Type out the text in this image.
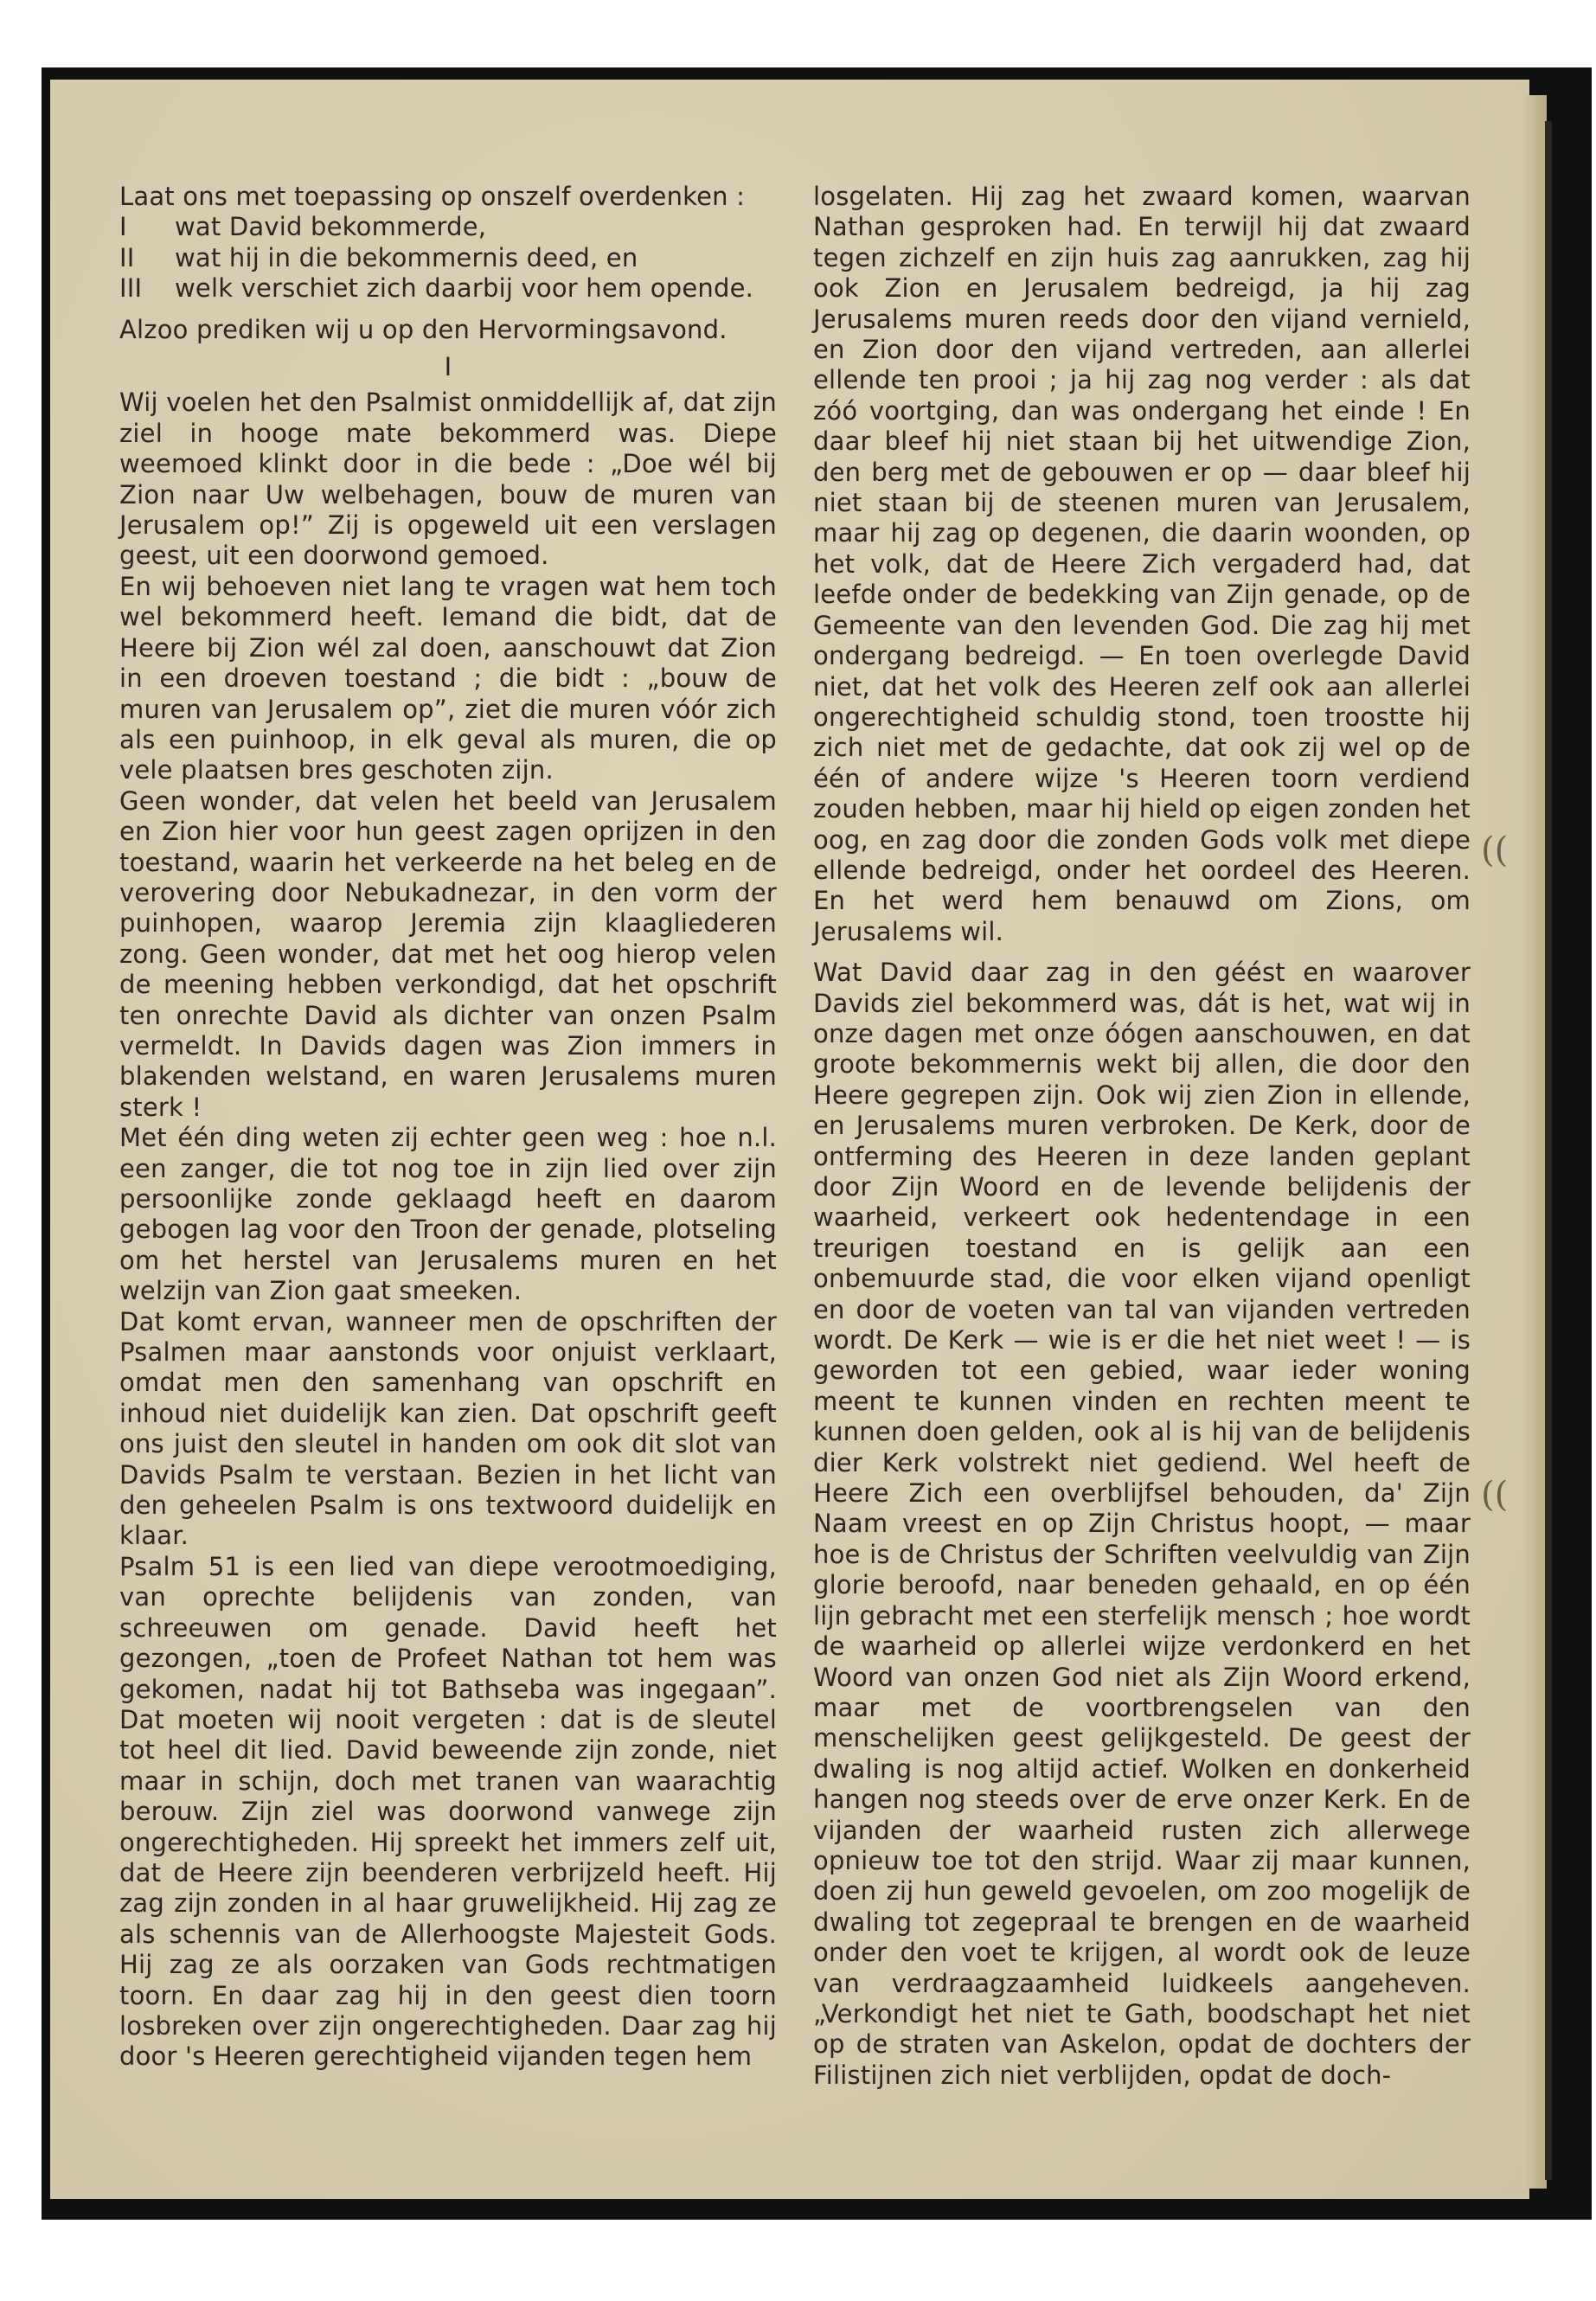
((
((

Laat ons met toepassing op onszelf overdenken :

I	wat David bekommerde,
II	wat hij in die bekommernis deed, en
III	welk verschiet zich daarbij voor hem opende.

Alzoo prediken wij u op den Hervormingsavond.

I

Wij voelen het den Psalmist onmiddellijk af, dat zijn ziel in hooge mate bekommerd was. Diepe weemoed klinkt door in die bede : „Doe wél bij Zion naar Uw welbehagen, bouw de muren van Jerusalem op!” Zij is opgeweld uit een verslagen geest, uit een doorwond gemoed.

En wij behoeven niet lang te vragen wat hem toch wel bekommerd heeft. Iemand die bidt, dat de Heere bij Zion wél zal doen, aanschouwt dat Zion in een droeven toestand ; die bidt : „bouw de muren van Jerusalem op”, ziet die muren vóór zich als een puinhoop, in elk geval als muren, die op vele plaatsen bres geschoten zijn.

Geen wonder, dat velen het beeld van Jerusalem en Zion hier voor hun geest zagen oprijzen in den toestand, waarin het verkeerde na het beleg en de verovering door Nebukadnezar, in den vorm der puinhopen, waarop Jeremia zijn klaagliederen zong. Geen wonder, dat met het oog hierop velen de meening hebben verkondigd, dat het opschrift ten onrechte David als dichter van onzen Psalm vermeldt. In Davids dagen was Zion immers in blakenden welstand, en waren Jerusalems muren sterk !

Met één ding weten zij echter geen weg : hoe n.l. een zanger, die tot nog toe in zijn lied over zijn persoonlijke zonde geklaagd heeft en daarom gebogen lag voor den Troon der genade, plotseling om het herstel van Jerusalems muren en het welzijn van Zion gaat smeeken.

Dat komt ervan, wanneer men de opschriften der Psalmen maar aanstonds voor onjuist verklaart, omdat men den samenhang van opschrift en inhoud niet duidelijk kan zien. Dat opschrift geeft ons juist den sleutel in handen om ook dit slot van Davids Psalm te verstaan. Bezien in het licht van den geheelen Psalm is ons textwoord duidelijk en klaar.

Psalm 51 is een lied van diepe verootmoediging, van oprechte belijdenis van zonden, van schreeuwen om genade. David heeft het gezongen, „toen de Profeet Nathan tot hem was gekomen, nadat hij tot Bathseba was ingegaan”. Dat moeten wij nooit vergeten : dat is de sleutel tot heel dit lied. David beweende zijn zonde, niet maar in schijn, doch met tranen van waarachtig berouw. Zijn ziel was doorwond vanwege zijn ongerechtigheden. Hij spreekt het immers zelf uit, dat de Heere zijn beenderen verbrijzeld heeft. Hij zag zijn zonden in al haar gruwelijkheid. Hij zag ze als schennis van de Allerhoogste Majesteit Gods. Hij zag ze als oorzaken van Gods rechtmatigen toorn. En daar zag hij in den geest dien toorn losbreken over zijn ongerechtigheden. Daar zag hij door 's Heeren gerechtigheid vijanden tegen hem

losgelaten. Hij zag het zwaard komen, waarvan Nathan gesproken had. En terwijl hij dat zwaard tegen zichzelf en zijn huis zag aanrukken, zag hij ook Zion en Jerusalem bedreigd, ja hij zag Jerusalems muren reeds door den vijand vernield, en Zion door den vijand vertreden, aan allerlei ellende ten prooi ; ja hij zag nog verder : als dat zóó voortging, dan was ondergang het einde ! En daar bleef hij niet staan bij het uitwendige Zion, den berg met de gebouwen er op — daar bleef hij niet staan bij de steenen muren van Jerusalem, maar hij zag op degenen, die daarin woonden, op het volk, dat de Heere Zich vergaderd had, dat leefde onder de bedekking van Zijn genade, op de Gemeente van den levenden God. Die zag hij met ondergang bedreigd. — En toen overlegde David niet, dat het volk des Heeren zelf ook aan allerlei ongerechtigheid schuldig stond, toen troostte hij zich niet met de gedachte, dat ook zij wel op de één of andere wijze 's Heeren toorn verdiend zouden hebben, maar hij hield op eigen zonden het oog, en zag door die zonden Gods volk met diepe ellende bedreigd, onder het oordeel des Heeren. En het werd hem benauwd om Zions, om Jerusalems wil.

Wat David daar zag in den géést en waarover Davids ziel bekommerd was, dát is het, wat wij in onze dagen met onze óógen aanschouwen, en dat groote bekommernis wekt bij allen, die door den Heere gegrepen zijn. Ook wij zien Zion in ellende, en Jerusalems muren verbroken. De Kerk, door de ontferming des Heeren in deze landen geplant door Zijn Woord en de levende belijdenis der waarheid, verkeert ook hedentendage in een treurigen toestand en is gelijk aan een onbemuurde stad, die voor elken vijand openligt en door de voeten van tal van vijanden vertreden wordt. De Kerk — wie is er die het niet weet ! — is geworden tot een gebied, waar ieder woning meent te kunnen vinden en rechten meent te kunnen doen gelden, ook al is hij van de belijdenis dier Kerk volstrekt niet gediend. Wel heeft de Heere Zich een overblijfsel behouden, da' Zijn Naam vreest en op Zijn Christus hoopt, — maar hoe is de Christus der Schriften veelvuldig van Zijn glorie beroofd, naar beneden gehaald, en op één lijn gebracht met een sterfelijk mensch ; hoe wordt de waarheid op allerlei wijze verdonkerd en het Woord van onzen God niet als Zijn Woord erkend, maar met de voortbrengselen van den menschelijken geest gelijkgesteld. De geest der dwaling is nog altijd actief. Wolken en donkerheid hangen nog steeds over de erve onzer Kerk. En de vijanden der waarheid rusten zich allerwege opnieuw toe tot den strijd. Waar zij maar kunnen, doen zij hun geweld gevoelen, om zoo mogelijk de dwaling tot zegepraal te brengen en de waarheid onder den voet te krijgen, al wordt ook de leuze van verdraagzaamheid luidkeels aangeheven. „Verkondigt het niet te Gath, boodschapt het niet op de straten van Askelon, opdat de dochters der Filistijnen zich niet verblijden, opdat de doch-
